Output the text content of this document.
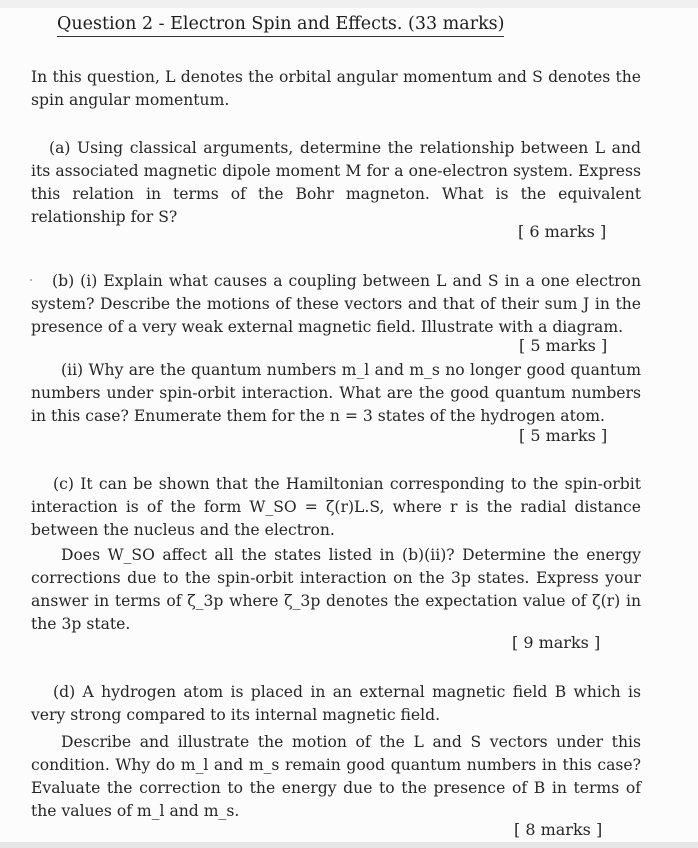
Question 2 - Electron Spin and Effects. (33 marks)

In this question, L denotes the orbital angular momentum and S denotes the spin angular momentum.

(a) Using classical arguments, determine the relationship between L and its associated magnetic dipole moment M for a one-electron system. Express this relation in terms of the Bohr magneton. What is the equivalent relationship for S?

[ 6 marks ]

(b) (i) Explain what causes a coupling between L and S in a one electron system? Describe the motions of these vectors and that of their sum J in the presence of a very weak external magnetic field. Illustrate with a diagram.

[ 5 marks ]

(ii) Why are the quantum numbers m_l and m_s no longer good quantum numbers under spin-orbit interaction. What are the good quantum numbers in this case? Enumerate them for the n = 3 states of the hydrogen atom.

[ 5 marks ]

(c) It can be shown that the Hamiltonian corresponding to the spin-orbit interaction is of the form W_SO = ζ(r)L.S, where r is the radial distance between the nucleus and the electron.

Does W_SO affect all the states listed in (b)(ii)? Determine the energy corrections due to the spin-orbit interaction on the 3p states. Express your answer in terms of ζ_3p where ζ_3p denotes the expectation value of ζ(r) in the 3p state.

[ 9 marks ]

(d) A hydrogen atom is placed in an external magnetic field B which is very strong compared to its internal magnetic field.

Describe and illustrate the motion of the L and S vectors under this condition. Why do m_l and m_s remain good quantum numbers in this case? Evaluate the correction to the energy due to the presence of B in terms of the values of m_l and m_s.

[ 8 marks ]
